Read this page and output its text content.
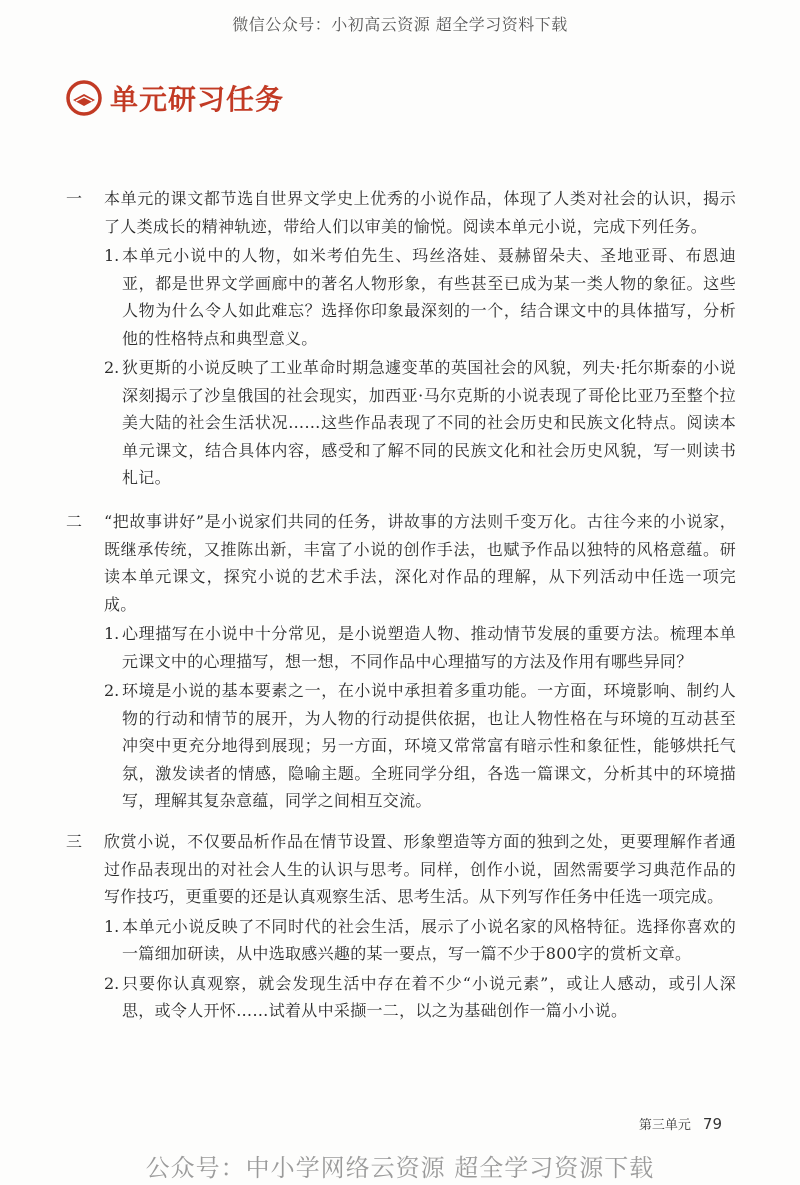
微信公众号：小初高云资源 超全学习资料下载
单元研习任务
一 本单元的课文都节选自世界文学史上优秀的小说作品，体现了人类对社会的认识，揭示了人类成长的精神轨迹，带给人们以审美的愉悦。阅读本单元小说，完成下列任务。
1. 本单元小说中的人物，如米考伯先生、玛丝洛娃、聂赫留朵夫、圣地亚哥、布恩迪亚，都是世界文学画廊中的著名人物形象，有些甚至已成为某一类人物的象征。这些人物为什么令人如此难忘？选择你印象最深刻的一个，结合课文中的具体描写，分析他的性格特点和典型意义。
2. 狄更斯的小说反映了工业革命时期急遽变革的英国社会的风貌，列夫·托尔斯泰的小说深刻揭示了沙皇俄国的社会现实，加西亚·马尔克斯的小说表现了哥伦比亚乃至整个拉美大陆的社会生活状况……这些作品表现了不同的社会历史和民族文化特点。阅读本单元课文，结合具体内容，感受和了解不同的民族文化和社会历史风貌，写一则读书札记。
二 “把故事讲好”是小说家们共同的任务，讲故事的方法则千变万化。古往今来的小说家，既继承传统，又推陈出新，丰富了小说的创作手法，也赋予作品以独特的风格意蕴。研读本单元课文，探究小说的艺术手法，深化对作品的理解，从下列活动中任选一项完成。
1. 心理描写在小说中十分常见，是小说塑造人物、推动情节发展的重要方法。梳理本单元课文中的心理描写，想一想，不同作品中心理描写的方法及作用有哪些异同？
2. 环境是小说的基本要素之一，在小说中承担着多重功能。一方面，环境影响、制约人物的行动和情节的展开，为人物的行动提供依据，也让人物性格在与环境的互动甚至冲突中更充分地得到展现；另一方面，环境又常常富有暗示性和象征性，能够烘托气氛，激发读者的情感，隐喻主题。全班同学分组，各选一篇课文，分析其中的环境描写，理解其复杂意蕴，同学之间相互交流。
三 欣赏小说，不仅要品析作品在情节设置、形象塑造等方面的独到之处，更要理解作者通过作品表现出的对社会人生的认识与思考。同样，创作小说，固然需要学习典范作品的写作技巧，更重要的还是认真观察生活、思考生活。从下列写作任务中任选一项完成。
1. 本单元小说反映了不同时代的社会生活，展示了小说名家的风格特征。选择你喜欢的一篇细加研读，从中选取感兴趣的某一要点，写一篇不少于800字的赏析文章。
2. 只要你认真观察，就会发现生活中存在着不少“小说元素”，或让人感动，或引人深思，或令人开怀……试着从中采撷一二，以之为基础创作一篇小小说。
第三单元 79
公众号：中小学网络云资源 超全学习资源下载
